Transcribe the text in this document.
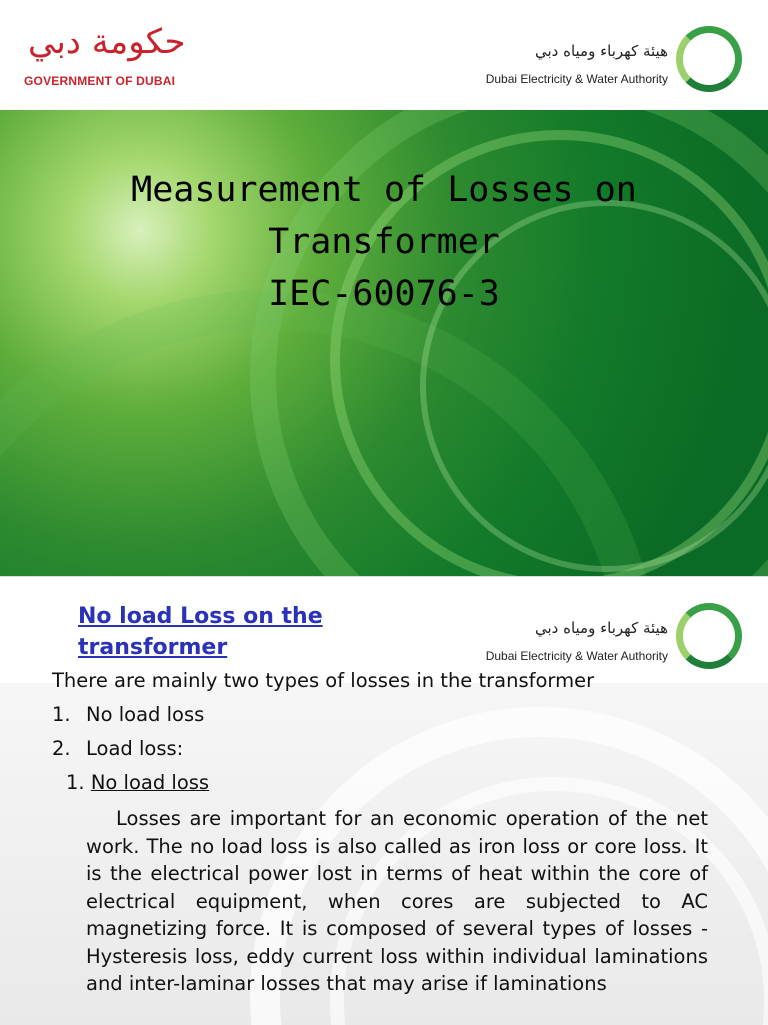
حكومة دبي
GOVERNMENT OF DUBAI
هيئة كهرباء ومياه دبي
Dubai Electricity & Water Authority
Measurement of Losses on
Transformer
IEC-60076-3
No load Loss on the
transformer
هيئة كهرباء ومياه دبي
Dubai Electricity & Water Authority
There are mainly two types of losses in the transformer
1. No load loss
2. Load loss:
1. No load loss
Losses are important for an economic operation of the net work. The no load loss is also called as iron loss or core loss. It is the electrical power lost in terms of heat within the core of electrical equipment, when cores are subjected to AC magnetizing force. It is composed of several types of losses - Hysteresis loss, eddy current loss within individual laminations and inter-laminar losses that may arise if laminations
